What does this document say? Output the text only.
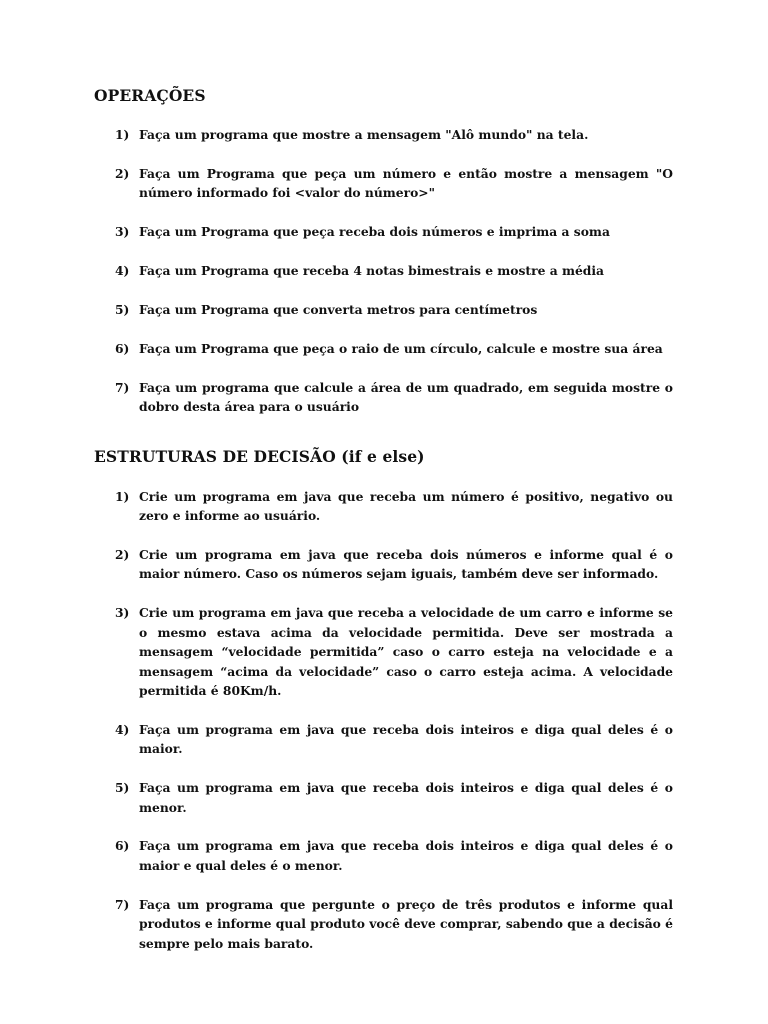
OPERAÇÕES
1) Faça um programa que mostre a mensagem "Alô mundo" na tela.
2) Faça um Programa que peça um número e então mostre a mensagem "O número informado foi <valor do número>"
3) Faça um Programa que peça receba dois números e imprima a soma
4) Faça um Programa que receba 4 notas bimestrais e mostre a média
5) Faça um Programa que converta metros para centímetros
6) Faça um Programa que peça o raio de um círculo, calcule e mostre sua área
7) Faça um programa que calcule a área de um quadrado, em seguida mostre o dobro desta área para o usuário
ESTRUTURAS DE DECISÃO (if e else)
1) Crie um programa em java que receba um número é positivo, negativo ou zero e informe ao usuário.
2) Crie um programa em java que receba dois números e informe qual é o maior número. Caso os números sejam iguais, também deve ser informado.
3) Crie um programa em java que receba a velocidade de um carro e informe se o mesmo estava acima da velocidade permitida. Deve ser mostrada a mensagem “velocidade permitida” caso o carro esteja na velocidade e a mensagem “acima da velocidade” caso o carro esteja acima. A velocidade permitida é 80Km/h.
4) Faça um programa em java que receba dois inteiros e diga qual deles é o maior.
5) Faça um programa em java que receba dois inteiros e diga qual deles é o menor.
6) Faça um programa em java que receba dois inteiros e diga qual deles é o maior e qual deles é o menor.
7) Faça um programa que pergunte o preço de três produtos e informe qual produtos e informe qual produto você deve comprar, sabendo que a decisão é sempre pelo mais barato.
